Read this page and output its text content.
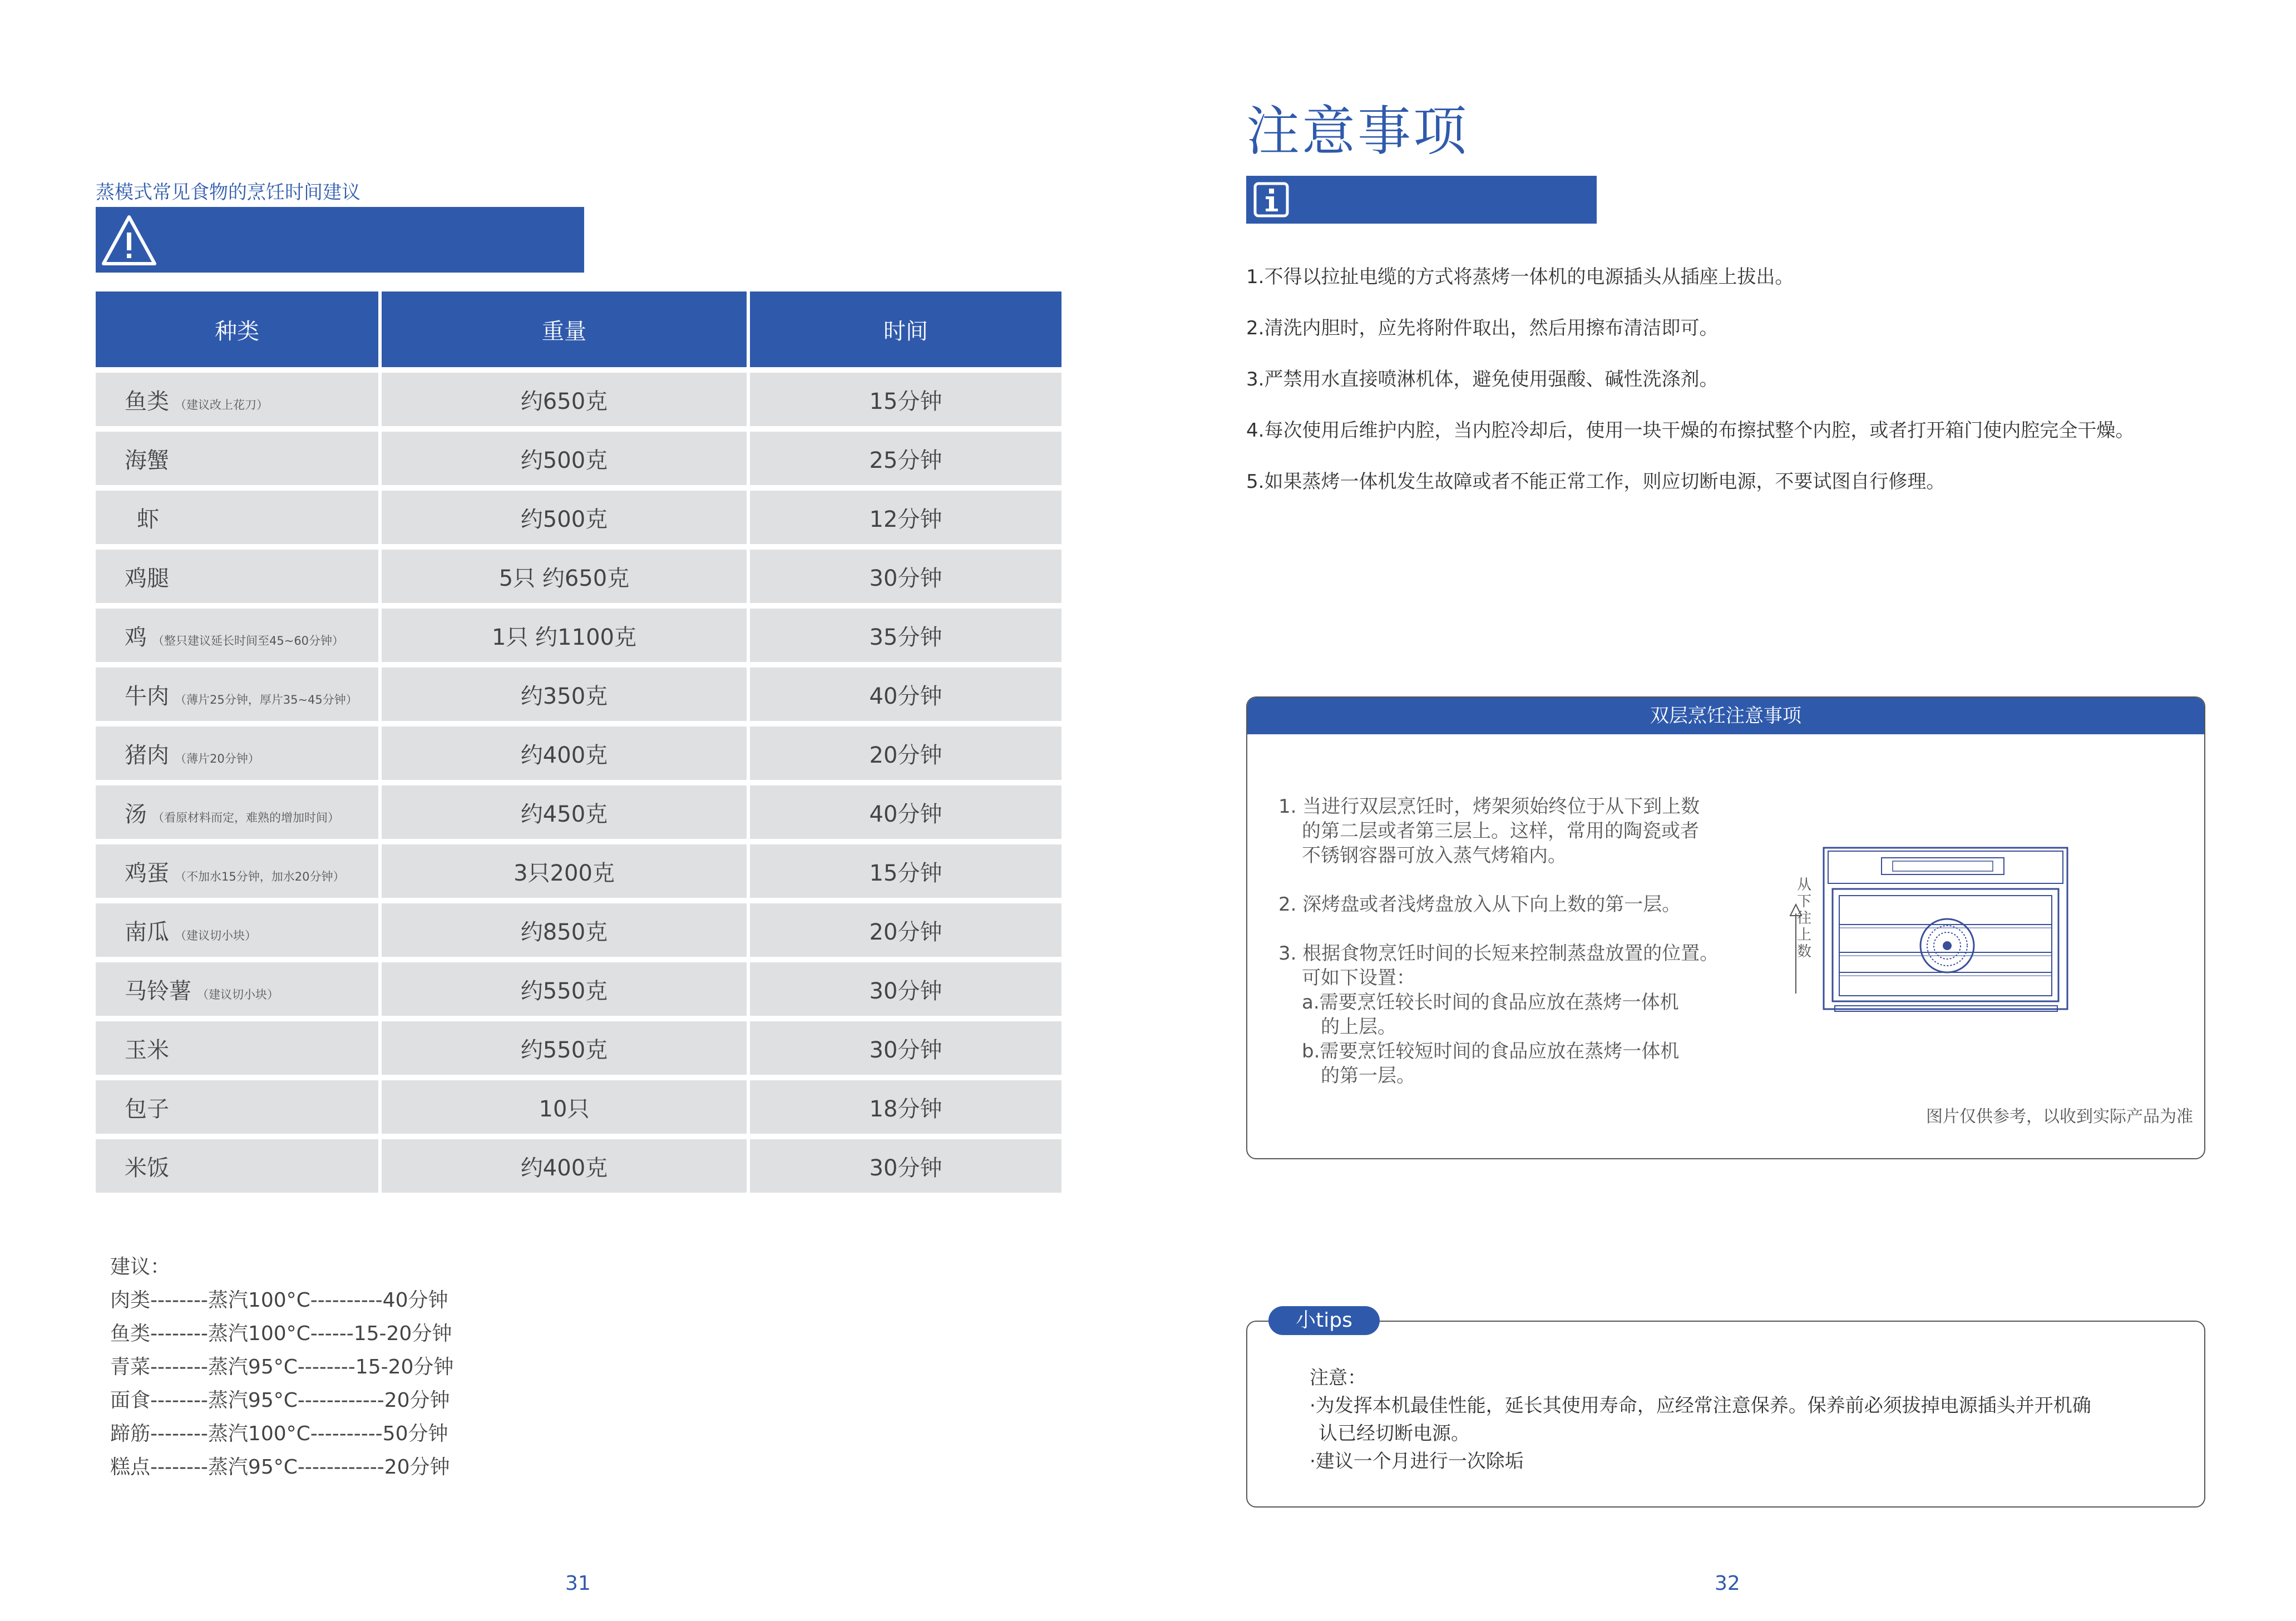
蒸模式常见食物的烹饪时间建议
种类	重量	时间
鱼类 （建议改上花刀）	约650克	15分钟
海蟹	约500克	25分钟
虾	约500克	12分钟
鸡腿	5只 约650克	30分钟
鸡 （整只建议延长时间至45~60分钟）	1只 约1100克	35分钟
牛肉 （薄片25分钟，厚片35~45分钟）	约350克	40分钟
猪肉 （薄片20分钟）	约400克	20分钟
汤 （看原材料而定，难熟的增加时间）	约450克	40分钟
鸡蛋 （不加水15分钟，加水20分钟）	3只200克	15分钟
南瓜 （建议切小块）	约850克	20分钟
马铃薯 （建议切小块）	约550克	30分钟
玉米	约550克	30分钟
包子	10只	18分钟
米饭	约400克	30分钟
建议：
肉类--------蒸汽100°C----------40分钟
鱼类--------蒸汽100°C------15-20分钟
青菜--------蒸汽95°C--------15-20分钟
面食--------蒸汽95°C------------20分钟
蹄筋--------蒸汽100°C----------50分钟
糕点--------蒸汽95°C------------20分钟
31
注意事项
1.不得以拉扯电缆的方式将蒸烤一体机的电源插头从插座上拔出。
2.清洗内胆时，应先将附件取出，然后用擦布清洁即可。
3.严禁用水直接喷淋机体，避免使用强酸、碱性洗涤剂。
4.每次使用后维护内腔，当内腔冷却后，使用一块干燥的布擦拭整个内腔，或者打开箱门使内腔完全干燥。
5.如果蒸烤一体机发生故障或者不能正常工作，则应切断电源，不要试图自行修理。
双层烹饪注意事项
1. 当进行双层烹饪时，烤架须始终位于从下到上数
的第二层或者第三层上。这样，常用的陶瓷或者
不锈钢容器可放入蒸气烤箱内。
2. 深烤盘或者浅烤盘放入从下向上数的第一层。
3. 根据食物烹饪时间的长短来控制蒸盘放置的位置。
可如下设置：
a.需要烹饪较长时间的食品应放在蒸烤一体机
的上层。
b.需要烹饪较短时间的食品应放在蒸烤一体机
的第一层。
从下往上数
图片仅供参考，以收到实际产品为准
小tips
注意：
·为发挥本机最佳性能，延长其使用寿命，应经常注意保养。保养前必须拔掉电源插头并开机确
认已经切断电源。
·建议一个月进行一次除垢
32
